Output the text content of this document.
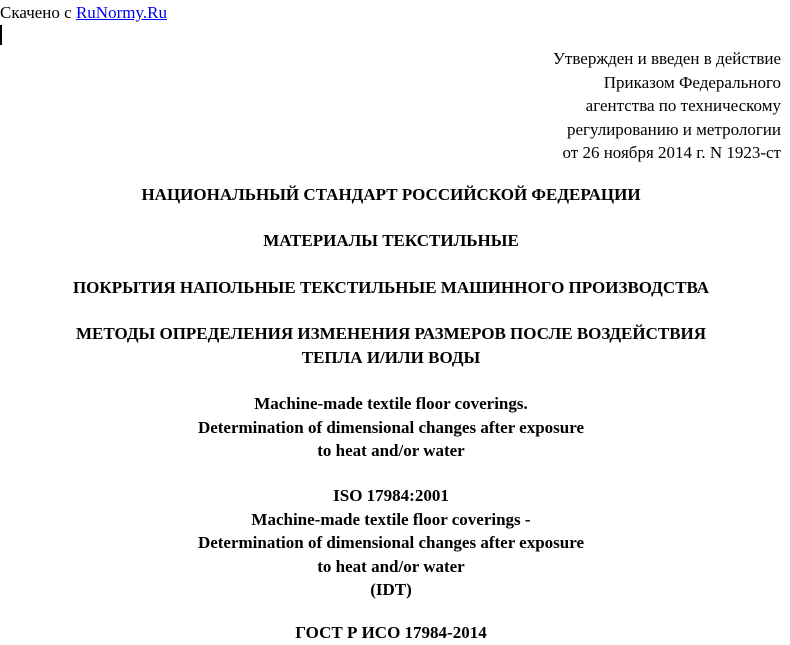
Скачено с RuNormy.Ru
Утвержден и введен в действие
Приказом Федерального
агентства по техническому
регулированию и метрологии
от 26 ноября 2014 г. N 1923-ст
НАЦИОНАЛЬНЫЙ СТАНДАРТ РОССИЙСКОЙ ФЕДЕРАЦИИ
МАТЕРИАЛЫ ТЕКСТИЛЬНЫЕ
ПОКРЫТИЯ НАПОЛЬНЫЕ ТЕКСТИЛЬНЫЕ МАШИННОГО ПРОИЗВОДСТВА
МЕТОДЫ ОПРЕДЕЛЕНИЯ ИЗМЕНЕНИЯ РАЗМЕРОВ ПОСЛЕ ВОЗДЕЙСТВИЯ
ТЕПЛА И/ИЛИ ВОДЫ
Machine-made textile floor coverings.
Determination of dimensional changes after exposure
to heat and/or water
ISO 17984:2001
Machine-made textile floor coverings -
Determination of dimensional changes after exposure
to heat and/or water
(IDT)
ГОСТ Р ИСО 17984-2014
